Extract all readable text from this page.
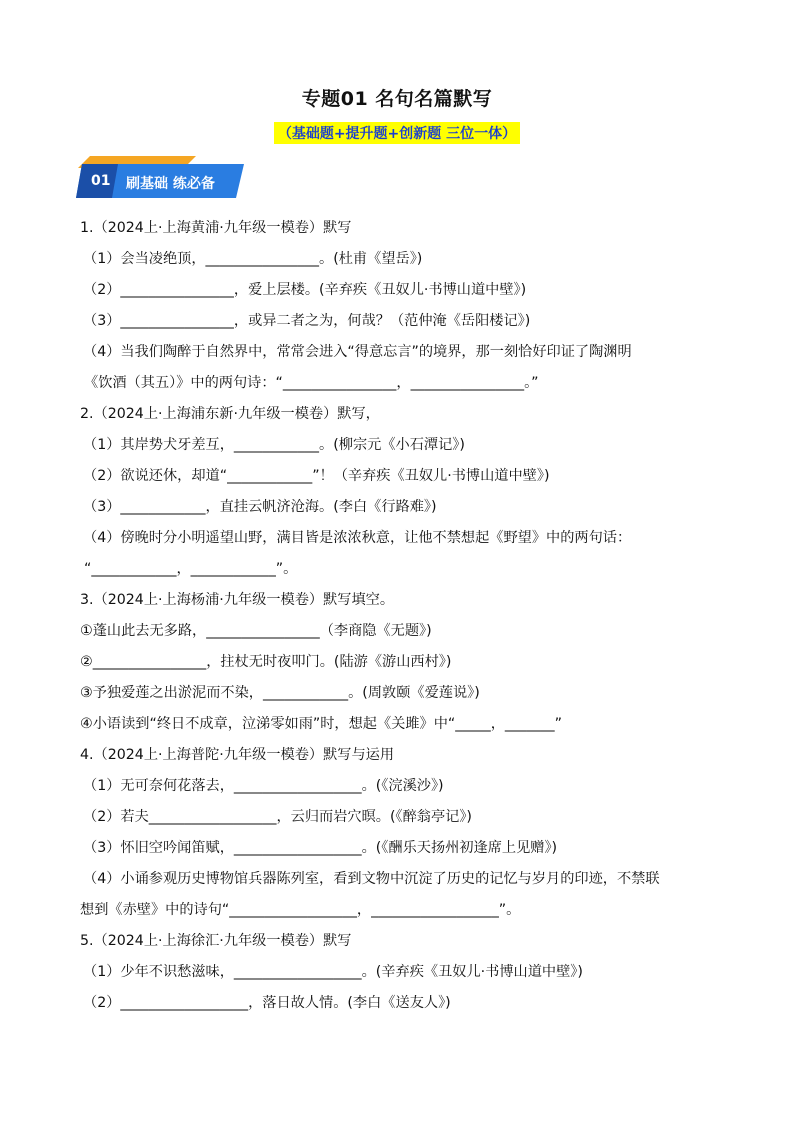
专题01 名句名篇默写
（基础题+提升题+创新题 三位一体）
01 刷基础 练必备
1.（2024上·上海黄浦·九年级一模卷）默写
（1）会当凌绝顶，________________。(杜甫《望岳》)
（2）________________，爱上层楼。(辛弃疾《丑奴儿·书博山道中壁》)
（3）________________，或异二者之为，何哉？（范仲淹《岳阳楼记》)
（4）当我们陶醉于自然界中，常常会进入“得意忘言”的境界，那一刻恰好印证了陶渊明
《饮酒（其五）》中的两句诗：“________________，________________。”
2.（2024上·上海浦东新·九年级一模卷）默写，
（1）其岸势犬牙差互，____________。(柳宗元《小石潭记》)
（2）欲说还休，却道“____________”！（辛弃疾《丑奴儿·书博山道中壁》)
（3）____________，直挂云帆济沧海。(李白《行路难》)
（4）傍晚时分小明遥望山野，满目皆是浓浓秋意，让他不禁想起《野望》中的两句话：
“____________，____________”。
3.（2024上·上海杨浦·九年级一模卷）默写填空。
①蓬山此去无多路，________________（李商隐《无题》)
②________________，拄杖无时夜叩门。(陆游《游山西村》)
③予独爱莲之出淤泥而不染，____________。(周敦颐《爱莲说》)
④小语读到“终日不成章，泣涕零如雨”时，想起《关雎》中“_____，_______”
4.（2024上·上海普陀·九年级一模卷）默写与运用
（1）无可奈何花落去，__________________。(《浣溪沙》)
（2）若夫__________________，云归而岩穴暝。(《醉翁亭记》)
（3）怀旧空吟闻笛赋，__________________。(《酬乐天扬州初逢席上见赠》)
（4）小诵参观历史博物馆兵器陈列室，看到文物中沉淀了历史的记忆与岁月的印迹，不禁联
想到《赤壁》中的诗句“__________________，__________________”。
5.（2024上·上海徐汇·九年级一模卷）默写
（1）少年不识愁滋味，__________________。(辛弃疾《丑奴儿·书博山道中壁》)
（2）__________________，落日故人情。(李白《送友人》)
